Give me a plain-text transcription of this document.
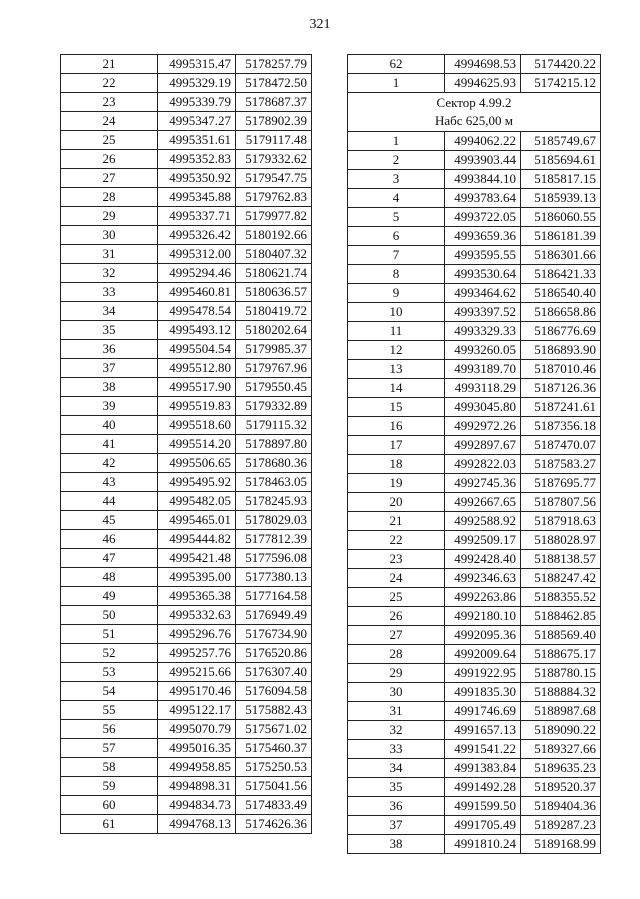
321
21	4995315.47	5178257.79
22	4995329.19	5178472.50
23	4995339.79	5178687.37
24	4995347.27	5178902.39
25	4995351.61	5179117.48
26	4995352.83	5179332.62
27	4995350.92	5179547.75
28	4995345.88	5179762.83
29	4995337.71	5179977.82
30	4995326.42	5180192.66
31	4995312.00	5180407.32
32	4995294.46	5180621.74
33	4995460.81	5180636.57
34	4995478.54	5180419.72
35	4995493.12	5180202.64
36	4995504.54	5179985.37
37	4995512.80	5179767.96
38	4995517.90	5179550.45
39	4995519.83	5179332.89
40	4995518.60	5179115.32
41	4995514.20	5178897.80
42	4995506.65	5178680.36
43	4995495.92	5178463.05
44	4995482.05	5178245.93
45	4995465.01	5178029.03
46	4995444.82	5177812.39
47	4995421.48	5177596.08
48	4995395.00	5177380.13
49	4995365.38	5177164.58
50	4995332.63	5176949.49
51	4995296.76	5176734.90
52	4995257.76	5176520.86
53	4995215.66	5176307.40
54	4995170.46	5176094.58
55	4995122.17	5175882.43
56	4995070.79	5175671.02
57	4995016.35	5175460.37
58	4994958.85	5175250.53
59	4994898.31	5175041.56
60	4994834.73	5174833.49
61	4994768.13	5174626.36
62	4994698.53	5174420.22
1	4994625.93	5174215.12

Сектор 4.99.2
Набс 625,00 м		

1	4994062.22	5185749.67
2	4993903.44	5185694.61
3	4993844.10	5185817.15
4	4993783.64	5185939.13
5	4993722.05	5186060.55
6	4993659.36	5186181.39
7	4993595.55	5186301.66
8	4993530.64	5186421.33
9	4993464.62	5186540.40
10	4993397.52	5186658.86
11	4993329.33	5186776.69
12	4993260.05	5186893.90
13	4993189.70	5187010.46
14	4993118.29	5187126.36
15	4993045.80	5187241.61
16	4992972.26	5187356.18
17	4992897.67	5187470.07
18	4992822.03	5187583.27
19	4992745.36	5187695.77
20	4992667.65	5187807.56
21	4992588.92	5187918.63
22	4992509.17	5188028.97
23	4992428.40	5188138.57
24	4992346.63	5188247.42
25	4992263.86	5188355.52
26	4992180.10	5188462.85
27	4992095.36	5188569.40
28	4992009.64	5188675.17
29	4991922.95	5188780.15
30	4991835.30	5188884.32
31	4991746.69	5188987.68
32	4991657.13	5189090.22
33	4991541.22	5189327.66
34	4991383.84	5189635.23
35	4991492.28	5189520.37
36	4991599.50	5189404.36
37	4991705.49	5189287.23
38	4991810.24	5189168.99
